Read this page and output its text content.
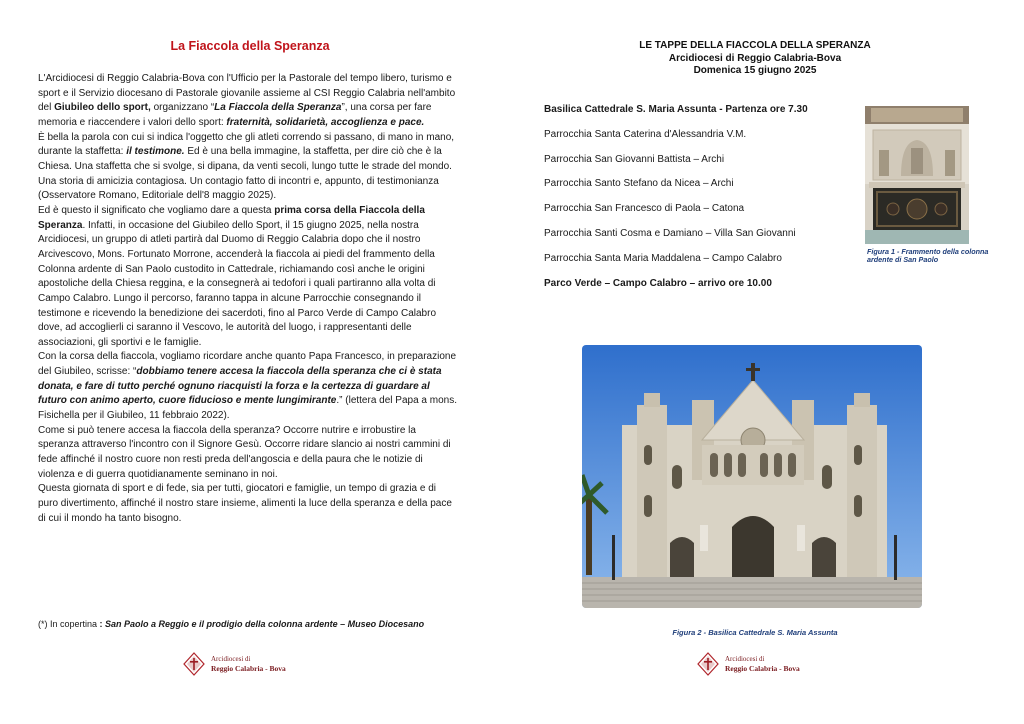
La Fiaccola della Speranza

L'Arcidiocesi di Reggio Calabria-Bova con l'Ufficio per la Pastorale del tempo libero, turismo e sport e il Servizio diocesano di Pastorale giovanile assieme al CSI Reggio Calabria nell'ambito del Giubileo dello sport, organizzano “La Fiaccola della Speranza”, una corsa per fare memoria e riaccendere i valori dello sport: fraternità, solidarietà, accoglienza e pace.

È bella la parola con cui si indica l'oggetto che gli atleti correndo si passano, di mano in mano, durante la staffetta: il testimone. Ed è una bella immagine, la staffetta, per dire ciò che è la Chiesa. Una staffetta che si svolge, si dipana, da venti secoli, lungo tutte le strade del mondo. Una storia di amicizia contagiosa. Un contagio fatto di incontri e, appunto, di testimonianza (Osservatore Romano, Editoriale dell'8 maggio 2025).

Ed è questo il significato che vogliamo dare a questa prima corsa della Fiaccola della Speranza. Infatti, in occasione del Giubileo dello Sport, il 15 giugno 2025, nella nostra Arcidiocesi, un gruppo di atleti partirà dal Duomo di Reggio Calabria dopo che il nostro Arcivescovo, Mons. Fortunato Morrone, accenderà la fiaccola ai piedi del frammento della Colonna ardente di San Paolo custodito in Cattedrale, richiamando così anche le origini apostoliche della Chiesa reggina, e la consegnerà ai tedofori i quali partiranno alla volta di Campo Calabro. Lungo il percorso, faranno tappa in alcune Parrocchie consegnando il testimone e ricevendo la benedizione dei sacerdoti, fino al Parco Verde di Campo Calabro dove, ad accoglierli ci saranno il Vescovo, le autorità del luogo, i rappresentanti delle associazioni, gli sportivi e le famiglie.

Con la corsa della fiaccola, vogliamo ricordare anche quanto Papa Francesco, in preparazione del Giubileo, scrisse: “dobbiamo tenere accesa la fiaccola della speranza che ci è stata donata, e fare di tutto perché ognuno riacquisti la forza e la certezza di guardare al futuro con animo aperto, cuore fiducioso e mente lungimirante.” (lettera del Papa a mons. Fisichella per il Giubileo, 11 febbraio 2022).

Come si può tenere accesa la fiaccola della speranza? Occorre nutrire e irrobustire la speranza attraverso l'incontro con il Signore Gesù. Occorre ridare slancio ai nostri cammini di fede affinché il nostro cuore non resti preda dell'angoscia e della paura che le notizie di violenza e di guerra quotidianamente seminano in noi.

Questa giornata di sport e di fede, sia per tutti, giocatori e famiglie, un tempo di grazia e di puro divertimento, affinché il nostro stare insieme, alimenti la luce della speranza e della pace di cui il mondo ha tanto bisogno.

(*) In copertina : San Paolo a Reggio e il prodigio della colonna ardente – Museo Diocesano
Arcidiocesi di
Reggio Calabria - Bova
LE TAPPE DELLA FIACCOLA DELLA SPERANZA
Arcidiocesi di Reggio Calabria-Bova
Domenica 15 giugno 2025
Basilica Cattedrale S. Maria Assunta - Partenza ore 7.30
Parrocchia Santa Caterina d'Alessandria V.M.
Parrocchia San Giovanni Battista – Archi
Parrocchia Santo Stefano da Nicea – Archi
Parrocchia San Francesco di Paola – Catona
Parrocchia Santi Cosma e Damiano – Villa San Giovanni
Parrocchia Santa Maria Maddalena – Campo Calabro
Parco Verde – Campo Calabro – arrivo ore 10.00
Figura 1 - Frammento della colonna ardente di San Paolo
Figura 2 - Basilica Cattedrale S. Maria Assunta
Arcidiocesi di
Reggio Calabria - Bova
